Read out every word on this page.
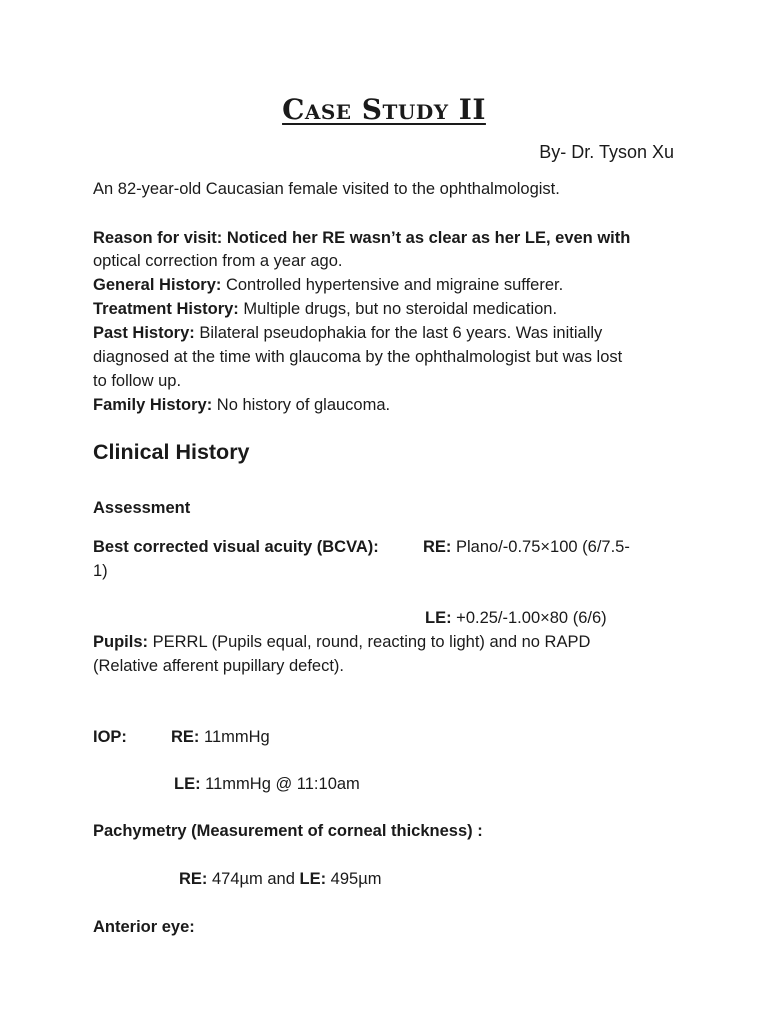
Case Study II
By- Dr. Tyson Xu
An 82-year-old Caucasian female visited to the ophthalmologist.
Reason for visit: Noticed her RE wasn’t as clear as her LE, even with
optical correction from a year ago.
General History: Controlled hypertensive and migraine sufferer.
Treatment History: Multiple drugs, but no steroidal medication.
Past History: Bilateral pseudophakia for the last 6 years. Was initially
diagnosed at the time with glaucoma by the ophthalmologist but was lost
to follow up.
Family History: No history of glaucoma.
Clinical History
Assessment
Best corrected visual acuity (BCVA):	RE: Plano/-0.75×100 (6/7.5-
1)
LE: +0.25/-1.00×80 (6/6)
Pupils: PERRL (Pupils equal, round, reacting to light) and no RAPD
(Relative afferent pupillary defect).
IOP:	RE: 11mmHg
LE: 11mmHg @ 11:10am
Pachymetry (Measurement of corneal thickness) :
RE: 474µm and LE: 495µm
Anterior eye:
